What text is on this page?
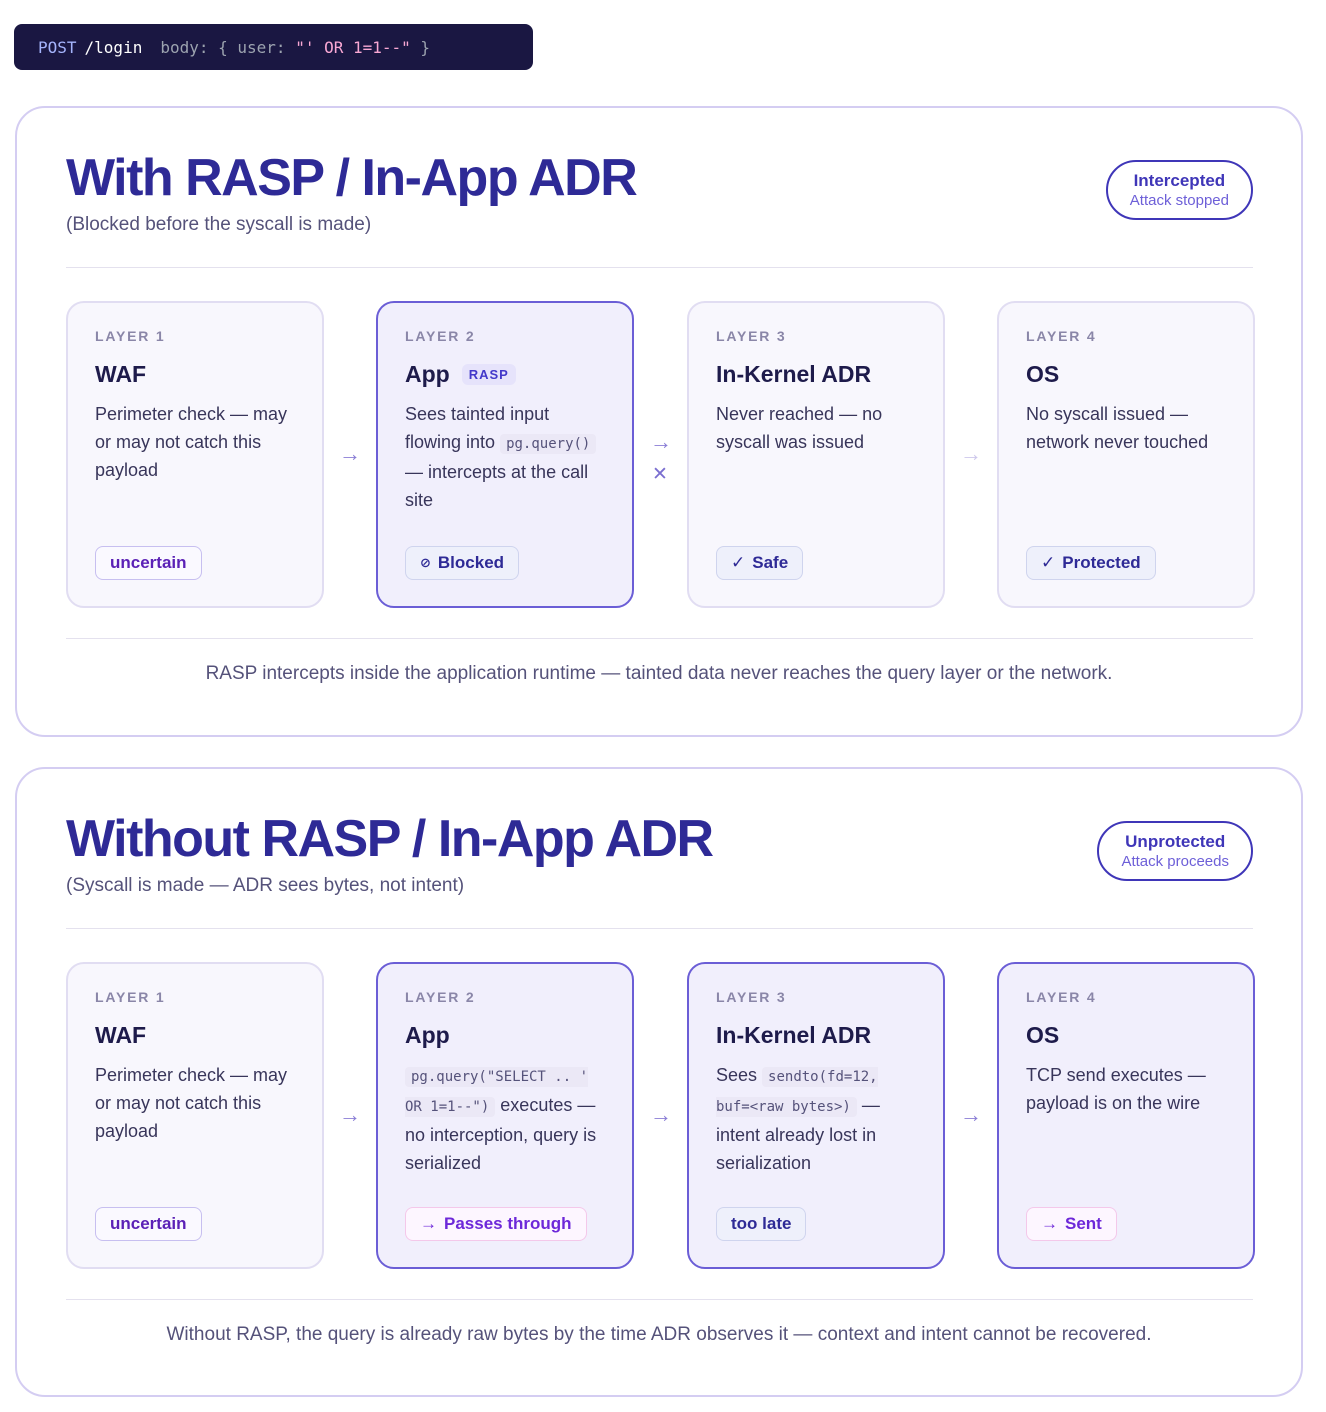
POST /login body: { user: "' OR 1=1--" }
With RASP / In-App ADR
(Blocked before the syscall is made)
Intercepted
Attack stopped
LAYER 1
WAF
Perimeter check — may or may not catch this payload
uncertain
→
LAYER 2
App	RASP
Sees tainted input flowing into pg.query() — intercepts at the call site
⊘ Blocked
→
✕
LAYER 3
In-Kernel ADR
Never reached — no syscall was issued
✓ Safe
→
LAYER 4
OS
No syscall issued — network never touched
✓ Protected
RASP intercepts inside the application runtime — tainted data never reaches the query layer or the network.
Without RASP / In-App ADR
(Syscall is made — ADR sees bytes, not intent)
Unprotected
Attack proceeds
LAYER 1
WAF
Perimeter check — may or may not catch this payload
uncertain
→
LAYER 2
App
pg.query("SELECT .. ' OR 1=1--") executes — no interception, query is serialized
→ Passes through
→
LAYER 3
In-Kernel ADR
Sees sendto(fd=12, buf=<raw bytes>) — intent already lost in serialization
too late
→
LAYER 4
OS
TCP send executes — payload is on the wire
→ Sent
Without RASP, the query is already raw bytes by the time ADR observes it — context and intent cannot be recovered.
